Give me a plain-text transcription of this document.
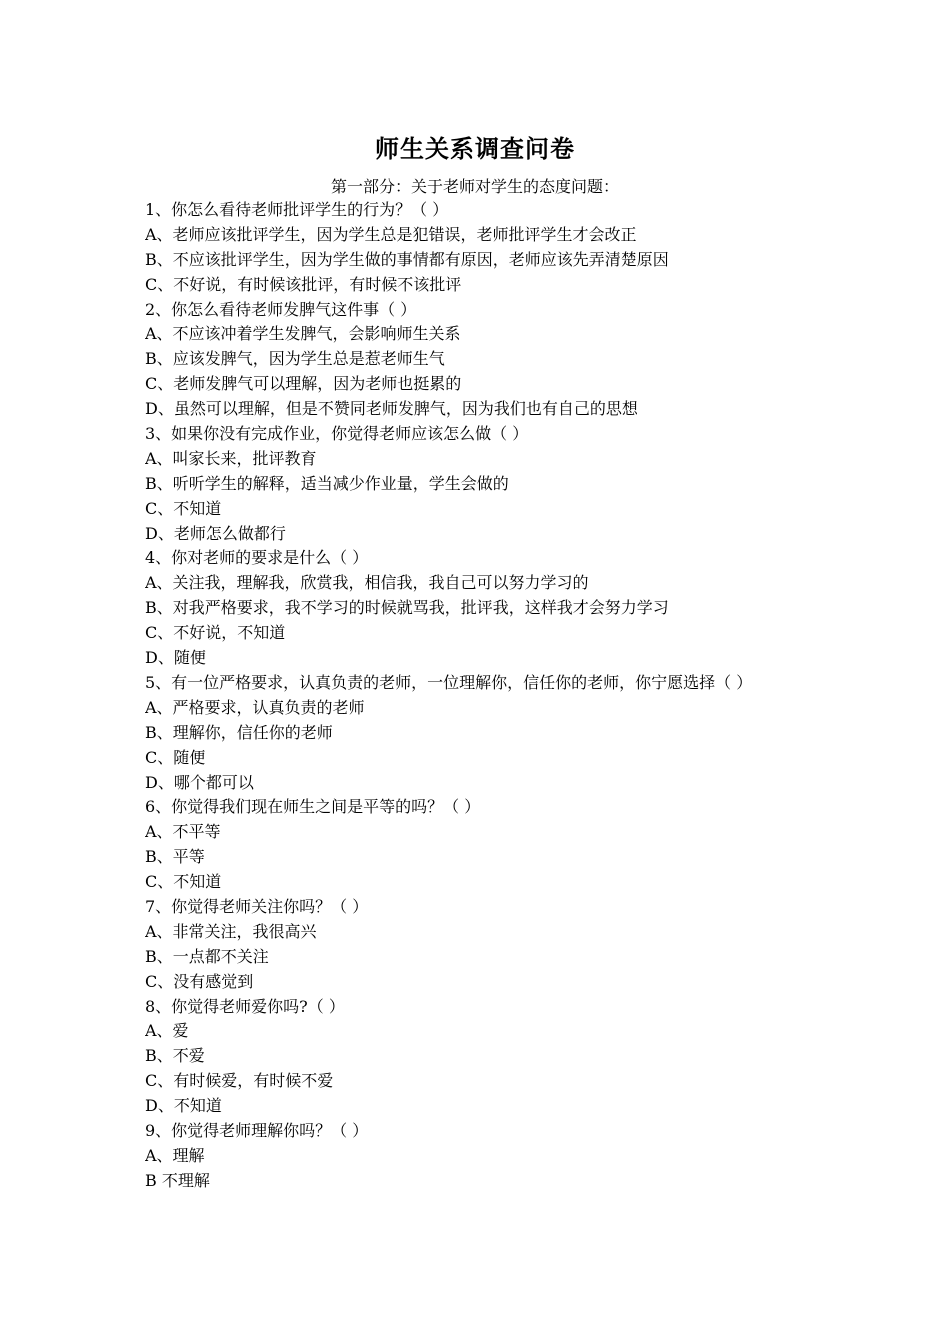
师生关系调查问卷
第一部分：关于老师对学生的态度问题：
1、你怎么看待老师批评学生的行为？（ ）
A、老师应该批评学生，因为学生总是犯错误，老师批评学生才会改正
B、不应该批评学生，因为学生做的事情都有原因，老师应该先弄清楚原因
C、不好说，有时候该批评，有时候不该批评
2、你怎么看待老师发脾气这件事（ ）
A、不应该冲着学生发脾气，会影响师生关系
B、应该发脾气，因为学生总是惹老师生气
C、老师发脾气可以理解，因为老师也挺累的
D、虽然可以理解，但是不赞同老师发脾气，因为我们也有自己的思想
3、如果你没有完成作业，你觉得老师应该怎么做（ ）
A、叫家长来，批评教育
B、听听学生的解释，适当减少作业量，学生会做的
C、不知道
D、老师怎么做都行
4、你对老师的要求是什么（ ）
A、关注我，理解我，欣赏我，相信我，我自己可以努力学习的
B、对我严格要求，我不学习的时候就骂我，批评我，这样我才会努力学习
C、不好说，不知道
D、随便
5、有一位严格要求，认真负责的老师，一位理解你，信任你的老师，你宁愿选择（ ）
A、严格要求，认真负责的老师
B、理解你，信任你的老师
C、随便
D、哪个都可以
6、你觉得我们现在师生之间是平等的吗？（ ）
A、不平等
B、平等
C、不知道
7、你觉得老师关注你吗？（ ）
A、非常关注，我很高兴
B、一点都不关注
C、没有感觉到
8、你觉得老师爱你吗?（ ）
A、爱
B、不爱
C、有时候爱，有时候不爱
D、不知道
9、你觉得老师理解你吗？（ ）
A、理解
B 不理解
